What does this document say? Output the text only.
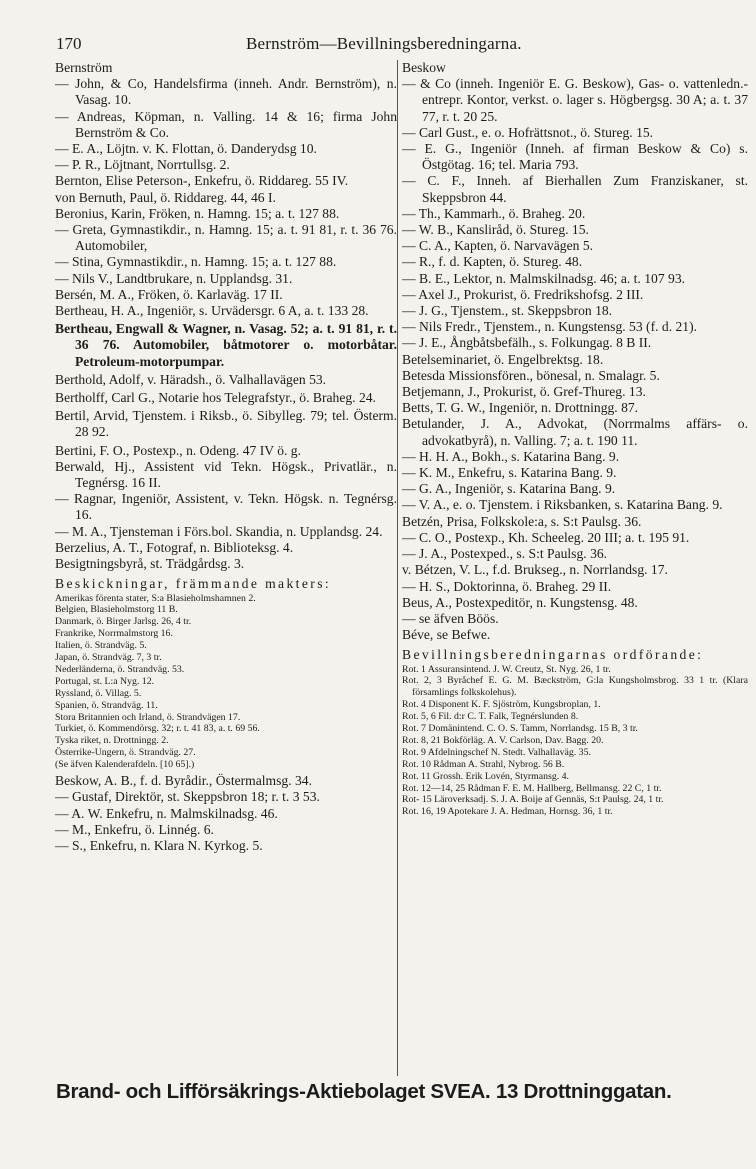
170	Bernström—Bevillningsberedningarna.

Bernström

— John, & Co, Handelsfirma (inneh. Andr. Bernström), n. Vasag. 10.

— Andreas, Köpman, n. Valling. 14 & 16; firma John Bernström & Co.

— E. A., Löjtn. v. K. Flottan, ö. Danderydsg 10.

— P. R., Löjtnant, Norrtullsg. 2.

Bernton, Elise Peterson-, Enkefru, ö. Riddareg. 55 IV.

von Bernuth, Paul, ö. Riddareg. 44, 46 I.

Beronius, Karin, Fröken, n. Hamng. 15; a. t. 127 88.

— Greta, Gymnastikdir., n. Hamng. 15; a. t. 91 81, r. t. 36 76. Automobiler,

— Stina, Gymnastikdir., n. Hamng. 15; a. t. 127 88.

— Nils V., Landtbrukare, n. Upplandsg. 31.

Bersén, M. A., Fröken, ö. Karlaväg. 17 II.

Bertheau, H. A., Ingeniör, s. Urvädersgr. 6 A, a. t. 133 28.

Bertheau, Engwall & Wagner, n. Vasag. 52; a. t. 91 81, r. t. 36 76. Automobiler, båtmotorer o. motorbåtar. Petroleum-motorpumpar.

Berthold, Adolf, v. Häradsh., ö. Valhallavägen 53.

Bertholff, Carl G., Notarie hos Telegrafstyr., ö. Braheg. 24.

Bertil, Arvid, Tjenstem. i Riksb., ö. Sibylleg. 79; tel. Österm. 28 92.

Bertini, F. O., Postexp., n. Odeng. 47 IV ö. g.

Berwald, Hj., Assistent vid Tekn. Högsk., Privatlär., n. Tegnérsg. 16 II.

— Ragnar, Ingeniör, Assistent, v. Tekn. Högsk. n. Tegnérsg. 16.

— M. A., Tjensteman i Förs.bol. Skandia, n. Upplandsg. 24.

Berzelius, A. T., Fotograf, n. Biblioteksg. 4.

Besigtningsbyrå, st. Trädgårdsg. 3.

Beskickningar, främmande makters:

Amerikas förenta stater, S:a Blasieholmshamnen 2.

Belgien, Blasieholmstorg 11 B.

Danmark, ö. Birger Jarlsg. 26, 4 tr.

Frankrike, Norrmalmstorg 16.

Italien, ö. Strandväg. 5.

Japan, ö. Strandväg. 7, 3 tr.

Nederländerna, ö. Strandväg. 53.

Portugal, st. L:a Nyg. 12.

Ryssland, ö. Villag. 5.

Spanien, ö. Strandväg. 11.

Stora Britannien och Irland, ö. Strandvägen 17.

Turkiet, ö. Kommendörsg. 32; r. t. 41 83, a. t. 69 56.

Tyska riket, n. Drottningg. 2.

Österrike-Ungern, ö. Strandväg. 27.

(Se äfven Kalenderafdeln. [10 65].)

Beskow, A. B., f. d. Byrådir., Östermalmsg. 34.

— Gustaf, Direktör, st. Skeppsbron 18; r. t. 3 53.

— A. W. Enkefru, n. Malmskilnadsg. 46.

— M., Enkefru, ö. Linnég. 6.

— S., Enkefru, n. Klara N. Kyrkog. 5.

Beskow

— & Co (inneh. Ingeniör E. G. Beskow), Gas- o. vattenledn.-entrepr. Kontor, verkst. o. lager s. Högbergsg. 30 A; a. t. 37 77, r. t. 20 25.

— Carl Gust., e. o. Hofrättsnot., ö. Stureg. 15.

— E. G., Ingeniör (Inneh. af firman Beskow & Co) s. Östgötag. 16; tel. Maria 793.

— C. F., Inneh. af Bierhallen Zum Franziskaner, st. Skeppsbron 44.

— Th., Kammarh., ö. Braheg. 20.

— W. B., Kansliråd, ö. Stureg. 15.

— C. A., Kapten, ö. Narvavägen 5.

— R., f. d. Kapten, ö. Stureg. 48.

— B. E., Lektor, n. Malmskilnadsg. 46; a. t. 107 93.

— Axel J., Prokurist, ö. Fredrikshofsg. 2 III.

— J. G., Tjenstem., st. Skeppsbron 18.

— Nils Fredr., Tjenstem., n. Kungstensg. 53 (f. d. 21).

— J. E., Ångbåtsbefälh., s. Folkungag. 8 B II.

Betelseminariet, ö. Engelbrektsg. 18.

Betesda Missionsfören., bönesal, n. Smalagr. 5.

Betjemann, J., Prokurist, ö. Gref-Thureg. 13.

Betts, T. G. W., Ingeniör, n. Drottningg. 87.

Betulander, J. A., Advokat, (Norrmalms affärs- o. advokatbyrå), n. Valling. 7; a. t. 190 11.

— H. H. A., Bokh., s. Katarina Bang. 9.

— K. M., Enkefru, s. Katarina Bang. 9.

— G. A., Ingeniör, s. Katarina Bang. 9.

— V. A., e. o. Tjenstem. i Riksbanken, s. Katarina Bang. 9.

Betzén, Prisa, Folkskole:a, s. S:t Paulsg. 36.

— C. O., Postexp., Kh. Scheeleg. 20 III; a. t. 195 91.

— J. A., Postexped., s. S:t Paulsg. 36.

v. Bétzen, V. L., f.d. Brukseg., n. Norrlandsg. 17.

— H. S., Doktorinna, ö. Braheg. 29 II.

Beus, A., Postexpeditör, n. Kungstensg. 48.

— se äfven Böös.

Béve, se Befwe.

Bevillningsberedningarnas ordförande:

Rot. 1 Assuransintend. J. W. Creutz, St. Nyg. 26, 1 tr.

Rot. 2, 3 Byråchef E. G. M. Bæckström, G:la Kungsholmsbrog. 33 1 tr. (Klara församlings folkskolehus).

Rot. 4 Disponent K. F. Sjöström, Kungsbroplan, 1.

Rot. 5, 6 Fil. d:r C. T. Falk, Tegnérslunden 8.

Rot. 7 Domänintend. C. O. S. Tamm, Norrlandsg. 15 B, 3 tr.

Rot. 8, 21 Bokförläg. A. V. Carlson, Dav. Bagg. 20.

Rot. 9 Afdelningschef N. Stedt. Valhallaväg. 35.

Rot. 10 Rådman A. Strahl, Nybrog. 56 B.

Rot. 11 Grossh. Erik Lovén, Styrmansg. 4.

Rot. 12—14, 25 Rådman F. E. M. Hallberg, Bellmansg. 22 C, 1 tr.

Rot- 15 Läroverksadj. S. J. A. Boije af Gennäs, S:t Paulsg. 24, 1 tr.

Rot. 16, 19 Apotekare J. A. Hedman, Hornsg. 36, 1 tr.

Brand- och Lifförsäkrings-Aktiebolaget SVEA. 13 Drottninggatan.
